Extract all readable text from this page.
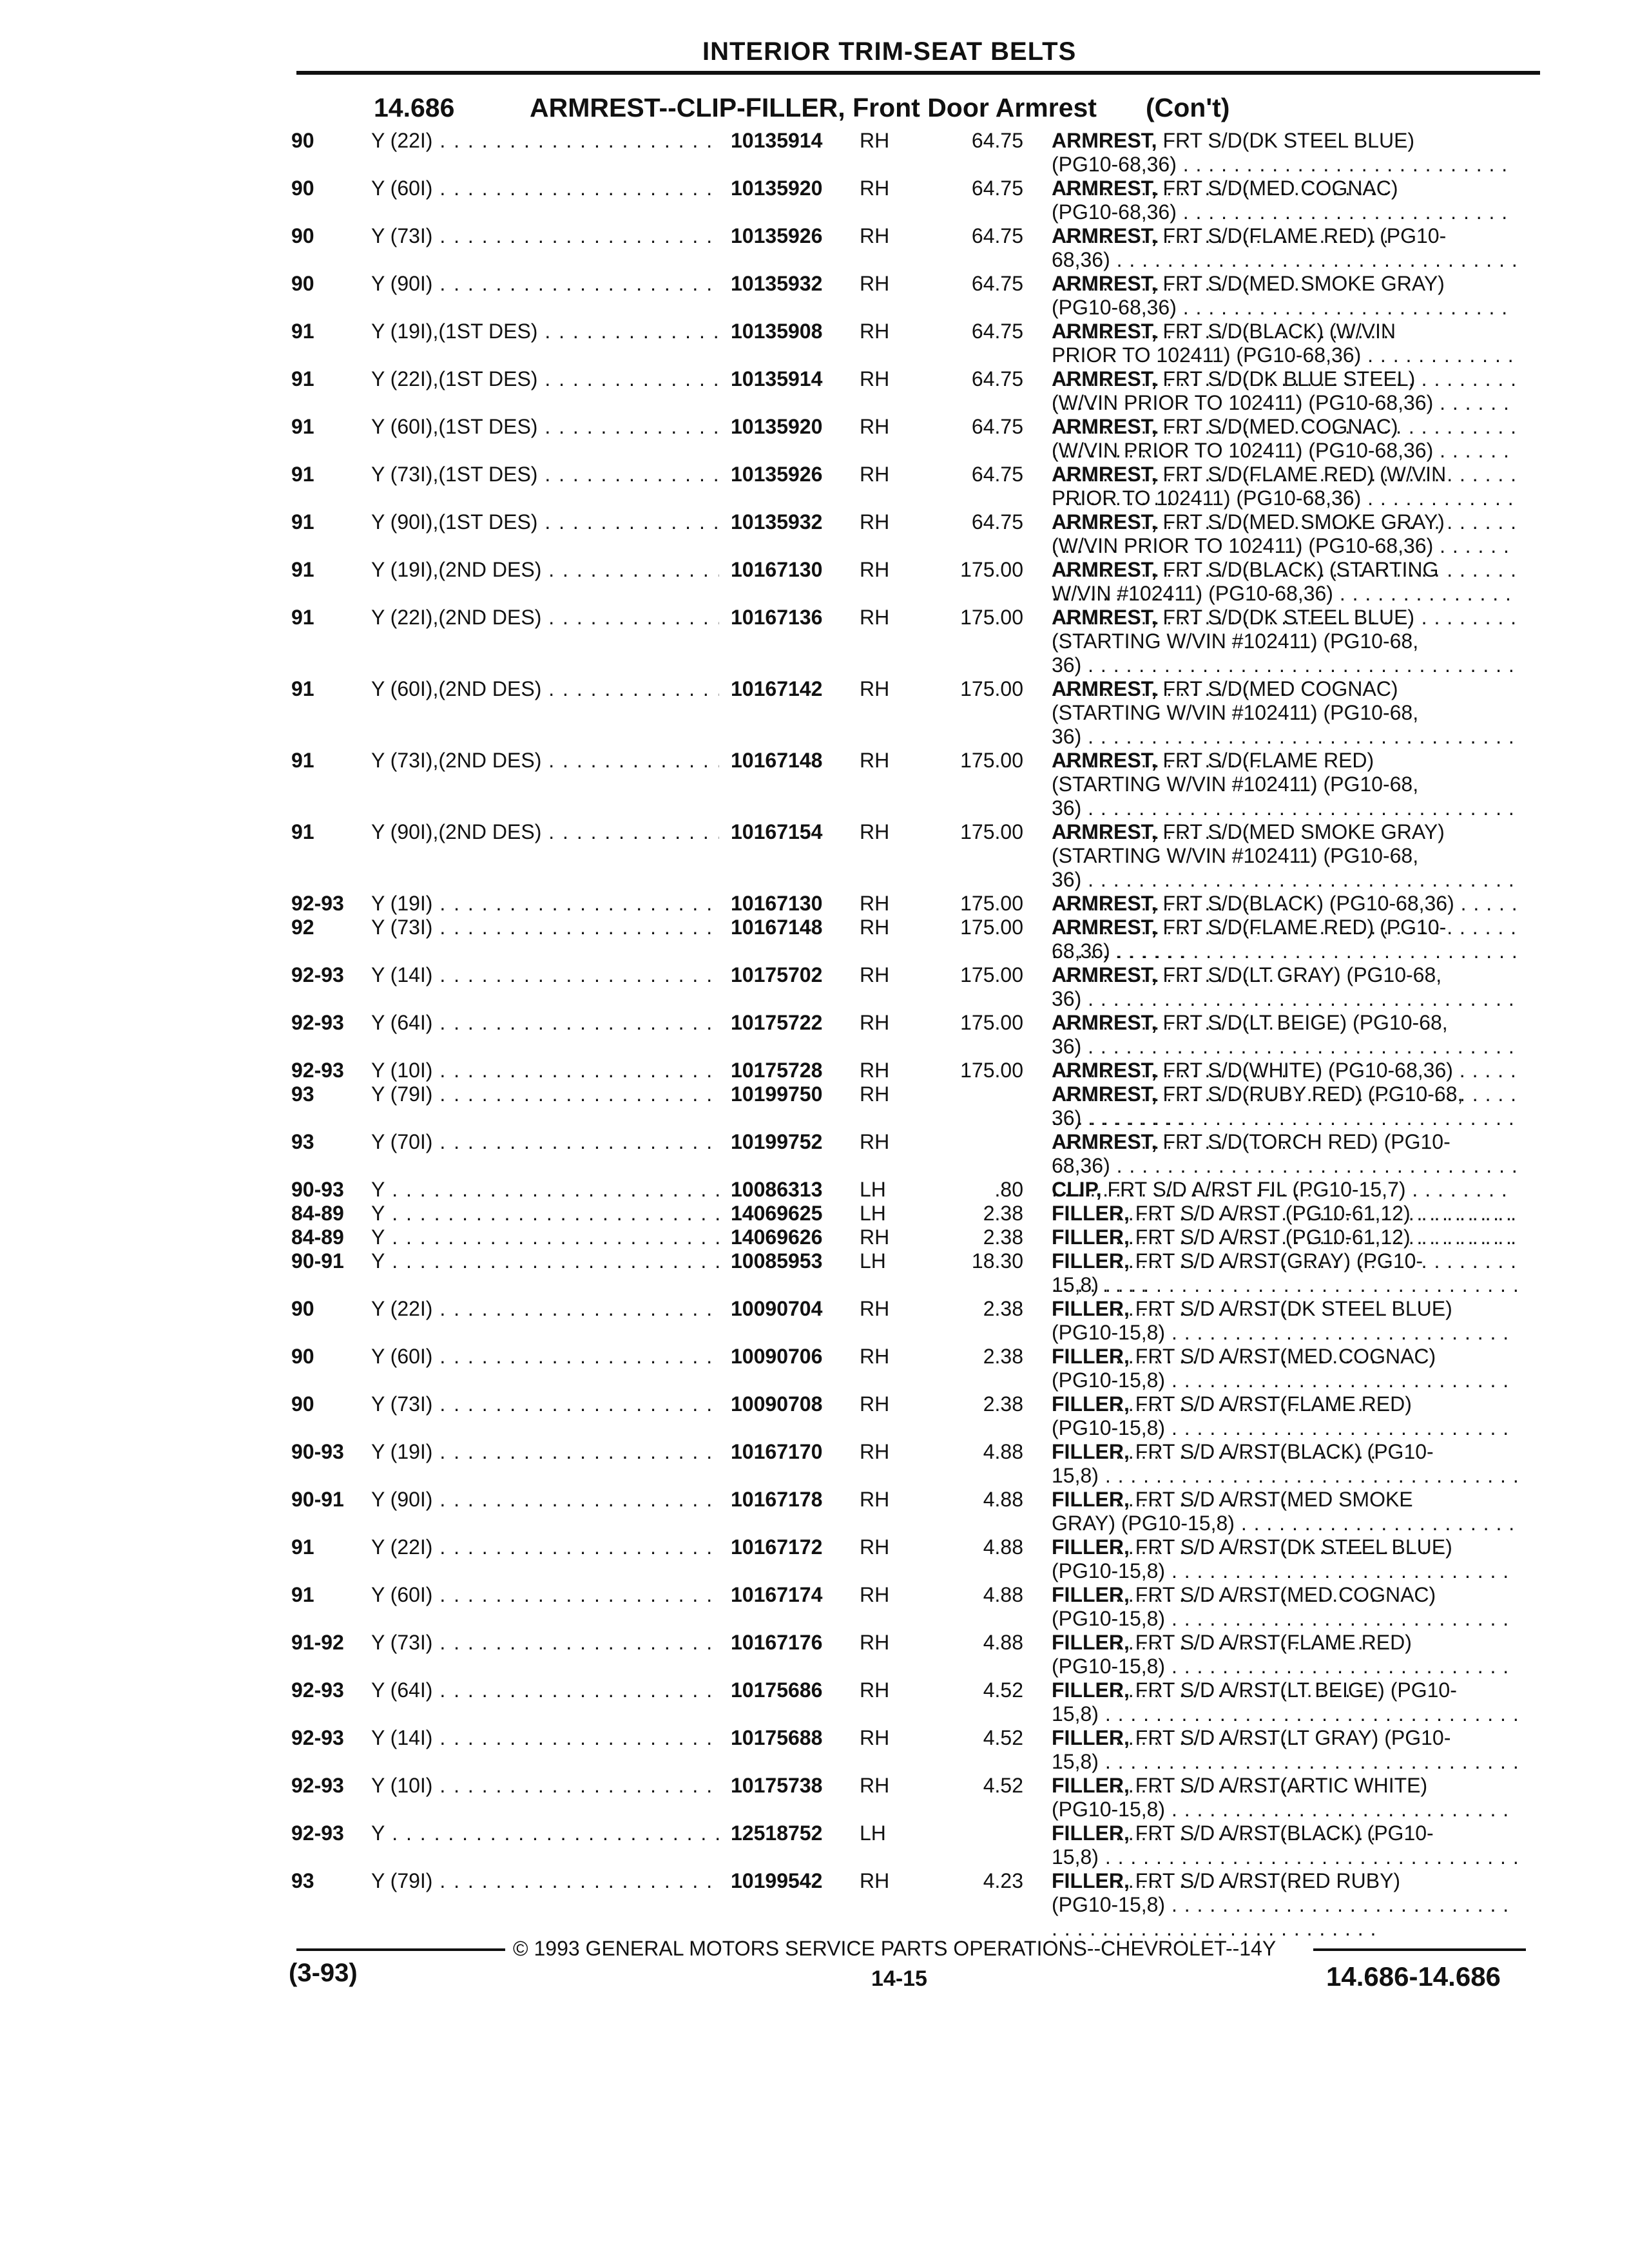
INTERIOR TRIM-SEAT BELTS
14.686	ARMREST--CLIP-FILLER, Front Door Armrest (Con't)
90	Y (22I) . . .	10135914 RH	64.75 ARMREST, FRT S/D(DK STEEL BLUE)
(PG10-68,36) . . .
90	Y (60I) . . .	10135920 RH	64.75 ARMREST, FRT S/D(MED COGNAC)
(PG10-68,36) . . .
90	Y (73I) . . .	10135926 RH	64.75 ARMREST, FRT S/D(FLAME RED) (PG10-
68,36) . . .
90	Y (90I) . . .	10135932 RH	64.75 ARMREST, FRT S/D(MED SMOKE GRAY)
(PG10-68,36) . . .
91	Y (19I),(1ST DES) . . .	10135908 RH	64.75 ARMREST, FRT S/D(BLACK) (W/VIN
PRIOR TO 102411) (PG10-68,36) . . .
91	Y (22I),(1ST DES) . . .	10135914 RH	64.75 ARMREST, FRT S/D(DK BLUE STEEL)
(W/VIN PRIOR TO 102411) (PG10-68,36) . . .
91	Y (60I),(1ST DES) . . .	10135920 RH	64.75 ARMREST, FRT S/D(MED COGNAC)
(W/VIN PRIOR TO 102411) (PG10-68,36) . . .
91	Y (73I),(1ST DES) . . .	10135926 RH	64.75 ARMREST, FRT S/D(FLAME RED) (W/VIN
PRIOR TO 102411) (PG10-68,36) . . .
91	Y (90I),(1ST DES) . . .	10135932 RH	64.75 ARMREST, FRT S/D(MED SMOKE GRAY)
(W/VIN PRIOR TO 102411) (PG10-68,36) . . .
91	Y (19I),(2ND DES) . . .	10167130 RH	175.00 ARMREST, FRT S/D(BLACK) (STARTING
W/VIN #102411) (PG10-68,36) . . .
91	Y (22I),(2ND DES) . . .	10167136 RH	175.00 ARMREST, FRT S/D(DK STEEL BLUE)
(STARTING W/VIN #102411) (PG10-68,
36) . . .
91	Y (60I),(2ND DES) . . .	10167142 RH	175.00 ARMREST, FRT S/D(MED COGNAC)
(STARTING W/VIN #102411) (PG10-68,
36) . . .
91	Y (73I),(2ND DES) . . .	10167148 RH	175.00 ARMREST, FRT S/D(FLAME RED)
(STARTING W/VIN #102411) (PG10-68,
36) . . .
91	Y (90I),(2ND DES) . . .	10167154 RH	175.00 ARMREST, FRT S/D(MED SMOKE GRAY)
(STARTING W/VIN #102411) (PG10-68,
36) . . .
92-93 Y (19I) . . .	10167130 RH	175.00 ARMREST, FRT S/D(BLACK) (PG10-68,36) . . .
92	Y (73I) . . .	10167148 RH	175.00 ARMREST, FRT S/D(FLAME RED) (PG10-
68,36) . . .
92-93 Y (14I) . . .	10175702 RH	175.00 ARMREST, FRT S/D(LT GRAY) (PG10-68,
36) . . .
92-93 Y (64I) . . .	10175722 RH	175.00 ARMREST, FRT S/D(LT BEIGE) (PG10-68,
36) . . .
92-93 Y (10I) . . .	10175728 RH	175.00 ARMREST, FRT S/D(WHITE) (PG10-68,36) . . .
93	Y (79I) . . .	10199750 RH	ARMREST, FRT S/D(RUBY RED) (PG10-68,
36) . . .
93	Y (70I) . . .	10199752 RH	ARMREST, FRT S/D(TORCH RED) (PG10-
68,36) . . .
90-93 Y . . .	10086313 LH	.80 CLIP, FRT S/D A/RST FIL (PG10-15,7) . . .
84-89 Y . . .	14069625 LH	2.38 FILLER, FRT S/D A/RST (PG10-61,12) . . .
84-89 Y . . .	14069626 RH	2.38 FILLER, FRT S/D A/RST (PG10-61,12) . . .
90-91 Y . . .	10085953 LH	18.30 FILLER, FRT S/D A/RST(GRAY) (PG10-
15,8) . . .
90	Y (22I) . . .	10090704 RH	2.38 FILLER, FRT S/D A/RST(DK STEEL BLUE)
(PG10-15,8) . . .
90	Y (60I) . . .	10090706 RH	2.38 FILLER, FRT S/D A/RST(MED COGNAC)
(PG10-15,8) . . .
90	Y (73I) . . .	10090708 RH	2.38 FILLER, FRT S/D A/RST(FLAME RED)
(PG10-15,8) . . .
90-93 Y (19I) . . .	10167170 RH	4.88 FILLER, FRT S/D A/RST(BLACK) (PG10-
15,8) . . .
90-91 Y (90I) . . .	10167178 RH	4.88 FILLER, FRT S/D A/RST(MED SMOKE
GRAY) (PG10-15,8) . . .
91	Y (22I) . . .	10167172 RH	4.88 FILLER, FRT S/D A/RST(DK STEEL BLUE)
(PG10-15,8) . . .
91	Y (60I) . . .	10167174 RH	4.88 FILLER, FRT S/D A/RST(MED COGNAC)
(PG10-15,8) . . .
91-92 Y (73I) . . .	10167176 RH	4.88 FILLER, FRT S/D A/RST(FLAME RED)
(PG10-15,8) . . .
92-93 Y (64I) . . .	10175686 RH	4.52 FILLER, FRT S/D A/RST(LT BEIGE) (PG10-
15,8) . . .
92-93 Y (14I) . . .	10175688 RH	4.52 FILLER, FRT S/D A/RST(LT GRAY) (PG10-
15,8) . . .
92-93 Y (10I) . . .	10175738 RH	4.52 FILLER, FRT S/D A/RST(ARTIC WHITE)
(PG10-15,8) . . .
92-93 Y . . .	12518752 LH	FILLER, FRT S/D A/RST(BLACK) (PG10-
15,8) . . .
93	Y (79I) . . .	10199542 RH	4.23 FILLER, FRT S/D A/RST(RED RUBY)
(PG10-15,8) . . .
© 1993 GENERAL MOTORS SERVICE PARTS OPERATIONS--CHEVROLET--14Y
(3-93)	14-15	14.686-14.686
